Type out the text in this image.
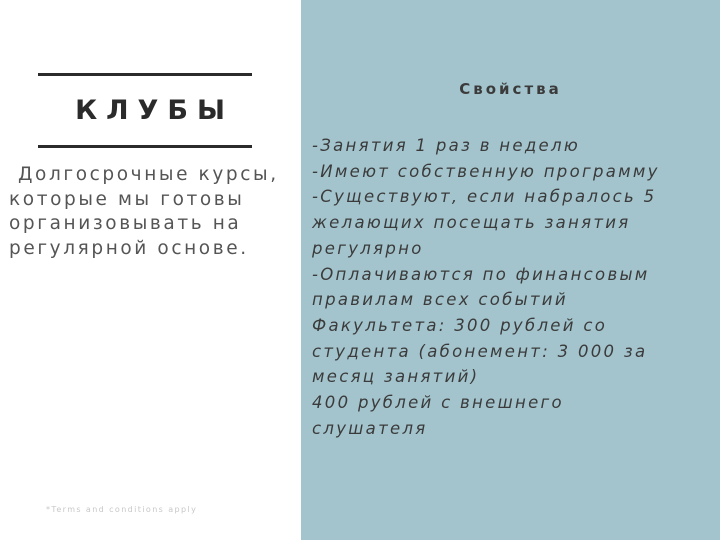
КЛУБЫ
Долгосрочные курсы,
которые мы готовы
организовывать на
регулярной основе.
*Terms and conditions apply
Свойства
-Занятия 1 раз в неделю
-Имеют собственную программу
-Существуют, если набралось 5
желающих посещать занятия
регулярно
-Оплачиваются по финансовым
правилам всех событий
Факультета: 300 рублей со
студента (абонемент: 3 000 за
месяц занятий)
400 рублей с внешнего
слушателя
